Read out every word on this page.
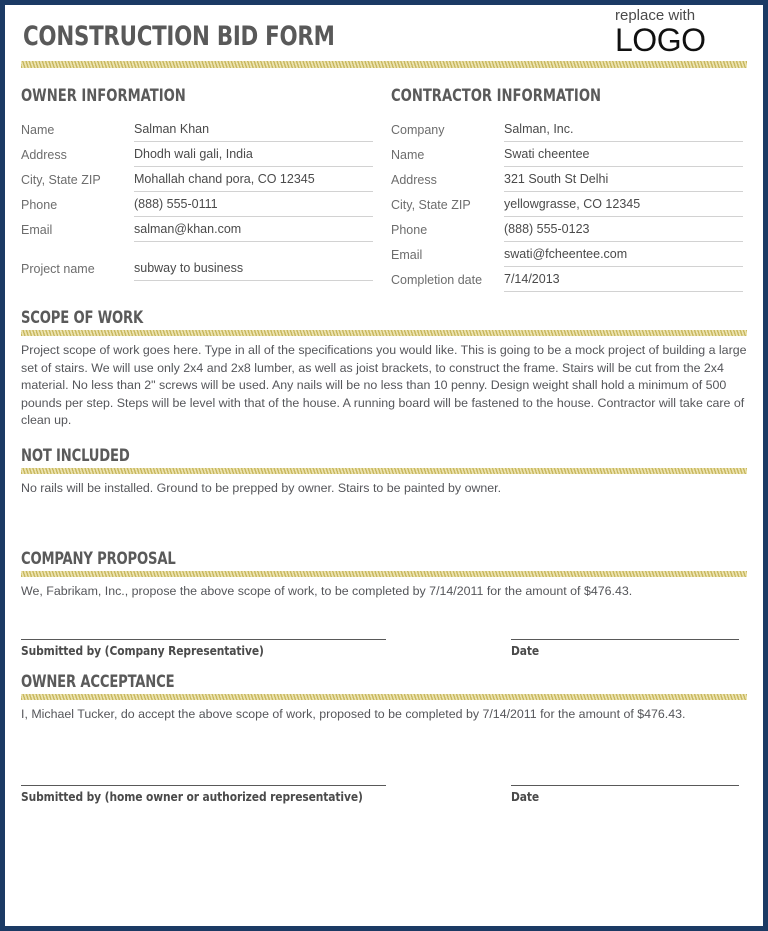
CONSTRUCTION BID FORM
replace with
LOGO
OWNER INFORMATION
Name	Salman Khan
Address	Dhodh wali gali, India
City, State ZIP	Mohallah chand pora, CO 12345
Phone	(888) 555-0111
Email	salman@khan.com
Project name	subway to business
CONTRACTOR INFORMATION
Company	Salman, Inc.
Name	Swati cheentee
Address	321 South St Delhi
City, State ZIP	yellowgrasse, CO 12345
Phone	(888) 555-0123
Email	swati@fcheentee.com
Completion date	7/14/2013
SCOPE OF WORK
Project scope of work goes here. Type in all of the specifications you would like. This is going to be a mock project of building a large set of stairs. We will use only 2x4 and 2x8 lumber, as well as joist brackets, to construct the frame. Stairs will be cut from the 2x4 material. No less than 2" screws will be used. Any nails will be no less than 10 penny. Design weight shall hold a minimum of 500 pounds per step. Steps will be level with that of the house. A running board will be fastened to the house. Contractor will take care of clean up.
NOT INCLUDED
No rails will be installed. Ground to be prepped by owner. Stairs to be painted by owner.
COMPANY PROPOSAL
We, Fabrikam, Inc., propose the above scope of work, to be completed by 7/14/2011 for the amount of $476.43.
Submitted by (Company Representative)	Date
OWNER ACCEPTANCE
I, Michael Tucker, do accept the above scope of work, proposed to be completed by 7/14/2011 for the amount of $476.43.
Submitted by (home owner or authorized representative)	Date
